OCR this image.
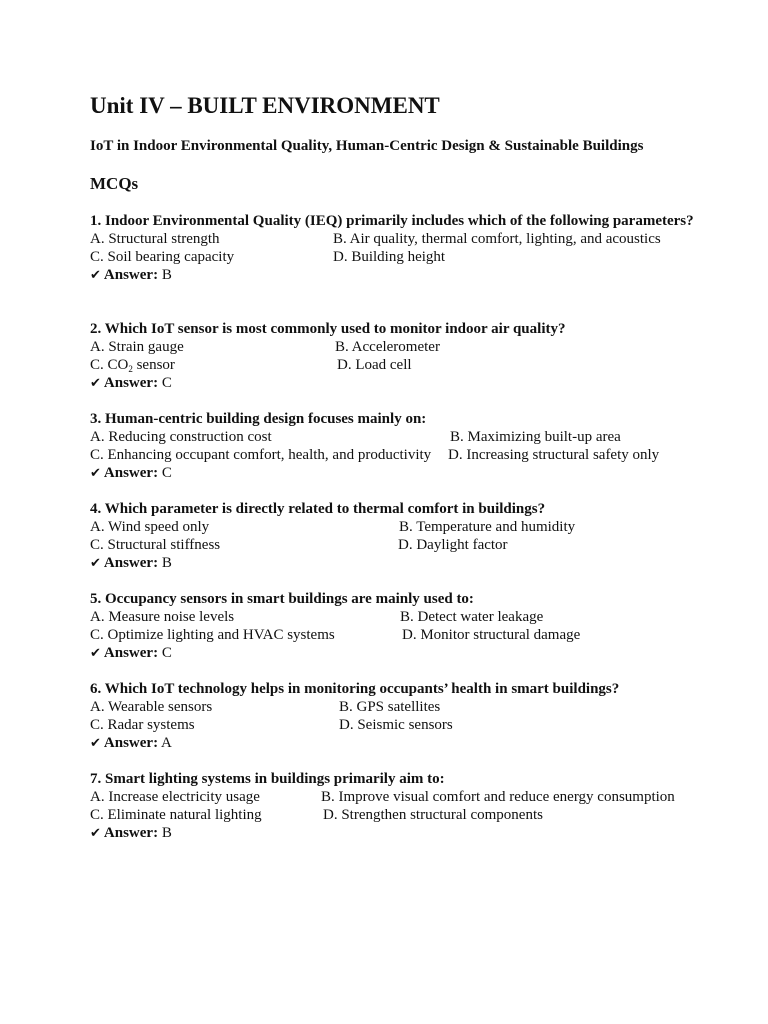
Unit IV – BUILT ENVIRONMENT
IoT in Indoor Environmental Quality, Human-Centric Design & Sustainable Buildings
MCQs
1. Indoor Environmental Quality (IEQ) primarily includes which of the following parameters?
A. Structural strength	B. Air quality, thermal comfort, lighting, and acoustics
C. Soil bearing capacity	D. Building height
✔ Answer: B
2. Which IoT sensor is most commonly used to monitor indoor air quality?
A. Strain gauge	B. Accelerometer
C. $CO_2$ sensor	D. Load cell
✔ Answer: C
3. Human-centric building design focuses mainly on:
A. Reducing construction cost	B. Maximizing built-up area
C. Enhancing occupant comfort, health, and productivity D. Increasing structural safety only
✔ Answer: C
4. Which parameter is directly related to thermal comfort in buildings?
A. Wind speed only	B. Temperature and humidity
C. Structural stiffness	D. Daylight factor
✔ Answer: B
5. Occupancy sensors in smart buildings are mainly used to:
A. Measure noise levels	B. Detect water leakage
C. Optimize lighting and HVAC systems	D. Monitor structural damage
✔ Answer: C
6. Which IoT technology helps in monitoring occupants’ health in smart buildings?
A. Wearable sensors	B. GPS satellites
C. Radar systems	D. Seismic sensors
✔ Answer: A
7. Smart lighting systems in buildings primarily aim to:
A. Increase electricity usage	B. Improve visual comfort and reduce energy consumption
C. Eliminate natural lighting	D. Strengthen structural components
✔ Answer: B
